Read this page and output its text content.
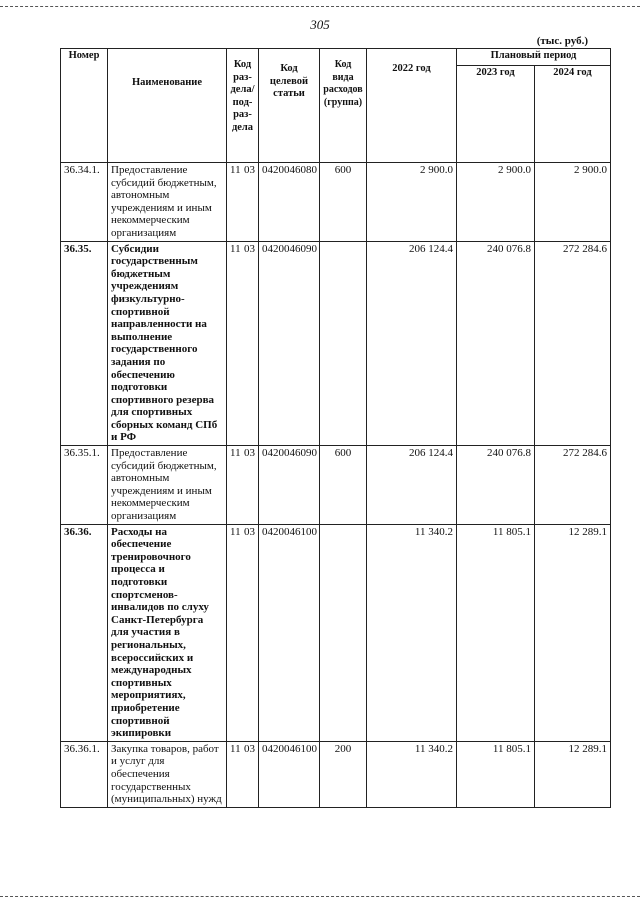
305
(тыс. руб.)
Номер	Наименование	Код раз-дела/под-раз-дела	Код целевой статьи	Код вида расходов (группа)	2022 год	Плановый период	
						2023 год	2024 год
36.34.1.	Предоставление субсидий бюджетным, автономным учреждениям и иным некоммерческим организациям	11 03	0420046080	600	2 900.0	2 900.0	2 900.0
36.35.	Субсидии государственным бюджетным учреждениям физкультурно-спортивной направленности на выполнение государственного задания по обеспечению подготовки спортивного резерва для спортивных сборных команд СПб и РФ	11 03	0420046090		206 124.4	240 076.8	272 284.6
36.35.1.	Предоставление субсидий бюджетным, автономным учреждениям и иным некоммерческим организациям	11 03	0420046090	600	206 124.4	240 076.8	272 284.6
36.36.	Расходы на обеспечение тренировочного процесса и подготовки спортсменов-инвалидов по слуху Санкт-Петербурга для участия в региональных, всероссийских и международных спортивных мероприятиях, приобретение спортивной экипировки	11 03	0420046100		11 340.2	11 805.1	12 289.1
36.36.1.	Закупка товаров, работ и услуг для обеспечения государственных (муниципальных) нужд	11 03	0420046100	200	11 340.2	11 805.1	12 289.1
